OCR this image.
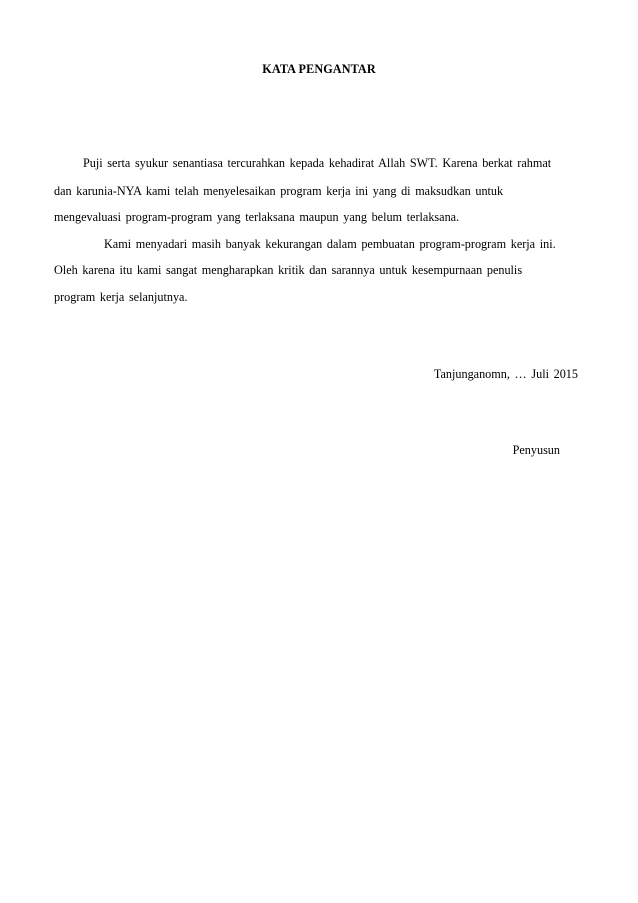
KATA PENGANTAR
Puji serta syukur senantiasa tercurahkan kepada kehadirat Allah SWT. Karena berkat rahmat
dan karunia-NYA kami telah menyelesaikan program kerja ini yang di maksudkan untuk
mengevaluasi program-program yang terlaksana maupun yang belum terlaksana.
Kami menyadari masih banyak kekurangan dalam pembuatan program-program kerja ini.
Oleh karena itu kami sangat mengharapkan kritik dan sarannya untuk kesempurnaan penulis
program kerja selanjutnya.
Tanjunganomn, … Juli 2015
Penyusun
